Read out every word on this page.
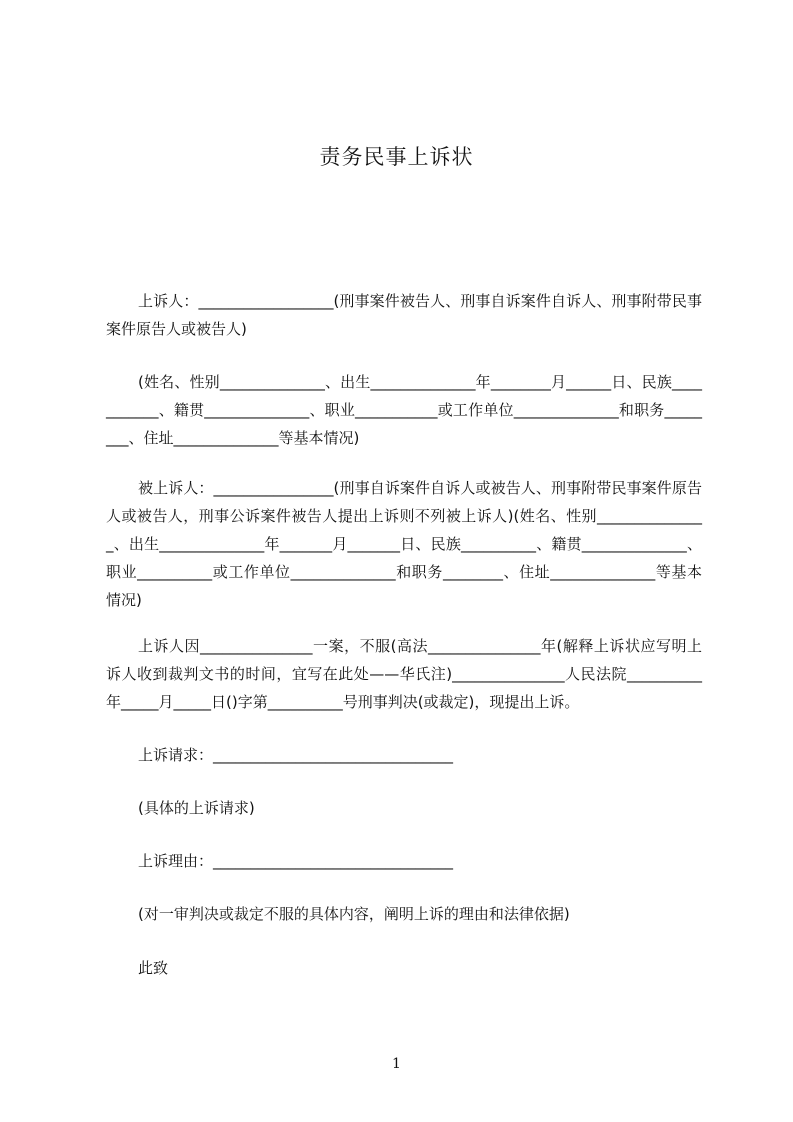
责务民事上诉状
上诉人：__________________(刑事案件被告人、刑事自诉案件自诉人、刑事附带民事案件原告人或被告人)
(姓名、性别______________、出生______________年________月______日、民族___________、籍贯______________、职业___________或工作单位______________和职务________、住址______________等基本情况)
被上诉人：________________(刑事自诉案件自诉人或被告人、刑事附带民事案件原告人或被告人，刑事公诉案件被告人提出上诉则不列被上诉人)(姓名、性别_______________、出生______________年_______月_______日、民族__________、籍贯______________、职业__________或工作单位______________和职务________、住址______________等基本情况)
上诉人因_______________一案，不服(高法_______________年(解释上诉状应写明上诉人收到裁判文书的时间，宜写在此处——华氏注)_______________人民法院__________年_____月_____日()字第__________号刑事判决(或裁定)，现提出上诉。
上诉请求：________________________________
(具体的上诉请求)
上诉理由：________________________________
(对一审判决或裁定不服的具体内容，阐明上诉的理由和法律依据)
此致
1
